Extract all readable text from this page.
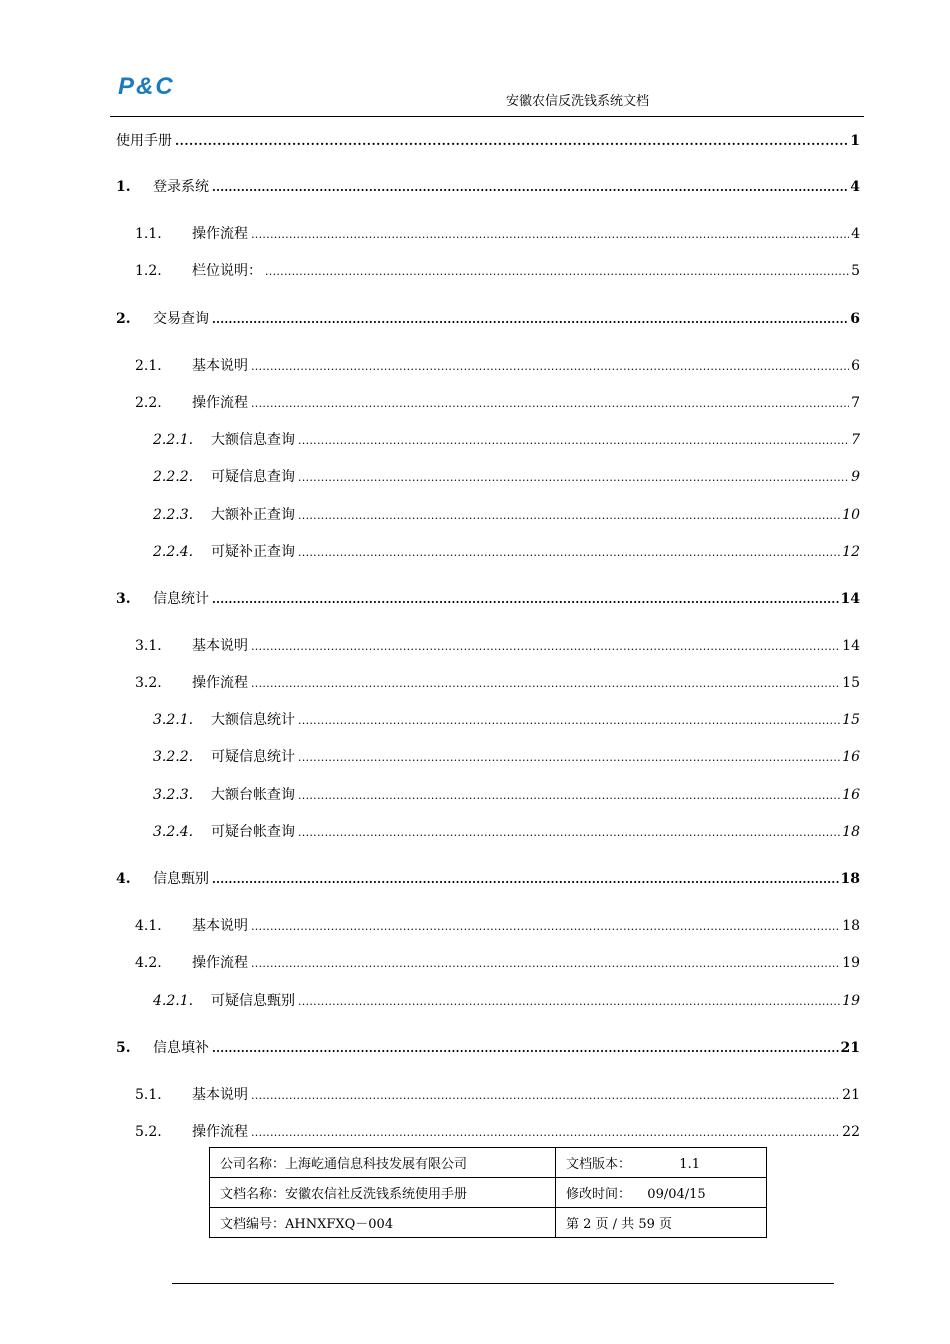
P&C
安徽农信反洗钱系统文档
使用手册 .....	1
1.	登录系统 .....	4
1.1.	操作流程 .....	4
1.2.	栏位说明： .....	5
2.	交易查询 .....	6
2.1.	基本说明 .....	6
2.2.	操作流程 .....	7
2.2.1.	大额信息查询 .....	7
2.2.2.	可疑信息查询 .....	9
2.2.3.	大额补正查询 .....	10
2.2.4.	可疑补正查询 .....	12
3.	信息统计 .....	14
3.1.	基本说明 .....	14
3.2.	操作流程 .....	15
3.2.1.	大额信息统计 .....	15
3.2.2.	可疑信息统计 .....	16
3.2.3.	大额台帐查询 .....	16
3.2.4.	可疑台帐查询 .....	18
4.	信息甄别 .....	18
4.1.	基本说明 .....	18
4.2.	操作流程 .....	19
4.2.1.	可疑信息甄别 .....	19
5.	信息填补 .....	21
5.1.	基本说明 .....	21
5.2.	操作流程 .....	22
公司名称：上海屹通信息科技发展有限公司	文档版本： 1.1
文档名称：安徽农信社反洗钱系统使用手册	修改时间： 09/04/15
文档编号：AHNXFXQ－004	第 2 页 / 共 59 页
